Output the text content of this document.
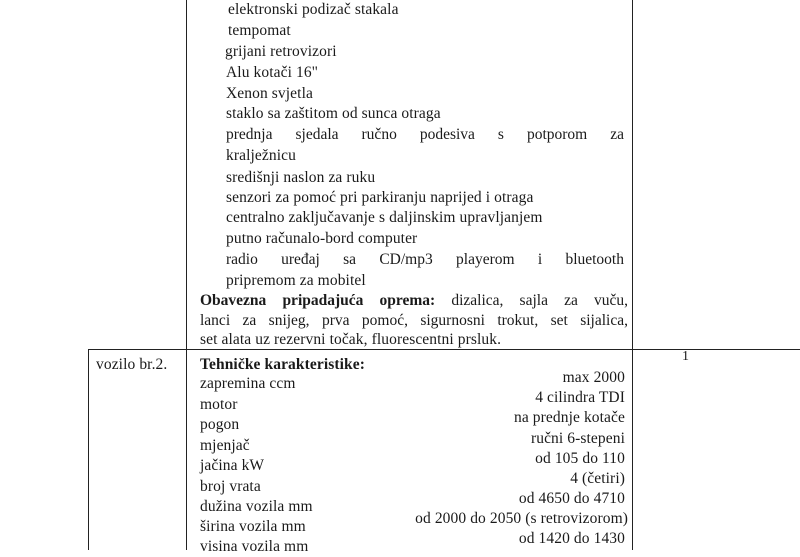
elektronski podizač stakala
tempomat
grijani retrovizori
Alu kotači 16"
Xenon svjetla
staklo sa zaštitom od sunca otraga
prednja sjedala ručno podesiva s potporom za
kralježnicu
središnji naslon za ruku
senzori za pomoć pri parkiranju naprijed i otraga
centralno zaključavanje s daljinskim upravljanjem
putno računalo-bord computer
radio uređaj sa CD/mp3 playerom i bluetooth
pripremom za mobitel
Obavezna pripadajuća oprema: dizalica, sajla za vuču,
lanci za snijeg, prva pomoć, sigurnosni trokut, set sijalica,
set alata uz rezervni točak, fluorescentni prsluk.
vozilo br.2. Tehničke karakteristike:	1
zapremina ccm	max 2000
motor	4 cilindra TDI
pogon	na prednje kotače
mjenjač	ručni 6-stepeni
jačina kW	od 105 do 110
broj vrata	4 (četiri)
dužina vozila mm	od 4650 do 4710
širina vozila mm	od 2000 do 2050 (s retrovizorom)
visina vozila mm	od 1420 do 1430
